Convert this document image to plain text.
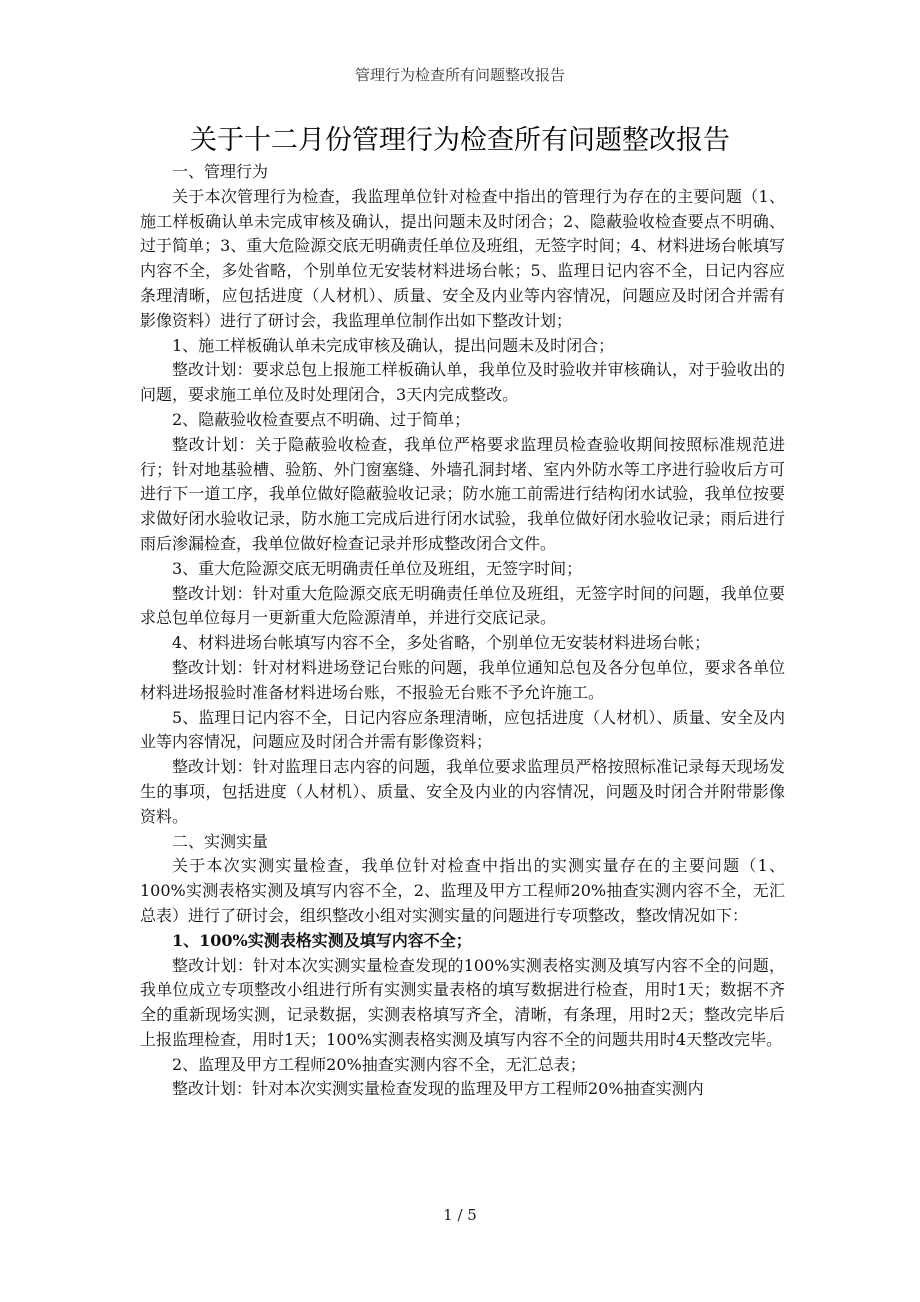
管理行为检查所有问题整改报告
关于十二月份管理行为检查所有问题整改报告

一、管理行为

关于本次管理行为检查，我监理单位针对检查中指出的管理行为存在的主要问题（1、施工样板确认单未完成审核及确认，提出问题未及时闭合；2、隐蔽验收检查要点不明确、过于简单；3、重大危险源交底无明确责任单位及班组，无签字时间；4、材料进场台帐填写内容不全，多处省略，个别单位无安装材料进场台帐；5、监理日记内容不全，日记内容应条理清晰，应包括进度（人材机）、质量、安全及内业等内容情况，问题应及时闭合并需有影像资料）进行了研讨会，我监理单位制作出如下整改计划；

1、施工样板确认单未完成审核及确认，提出问题未及时闭合；

整改计划：要求总包上报施工样板确认单，我单位及时验收并审核确认，对于验收出的问题，要求施工单位及时处理闭合，3天内完成整改。

2、隐蔽验收检查要点不明确、过于简单；

整改计划：关于隐蔽验收检查，我单位严格要求监理员检查验收期间按照标准规范进行；针对地基验槽、验筋、外门窗塞缝、外墙孔洞封堵、室内外防水等工序进行验收后方可进行下一道工序，我单位做好隐蔽验收记录；防水施工前需进行结构闭水试验，我单位按要求做好闭水验收记录，防水施工完成后进行闭水试验，我单位做好闭水验收记录；雨后进行雨后渗漏检查，我单位做好检查记录并形成整改闭合文件。

3、重大危险源交底无明确责任单位及班组，无签字时间；

整改计划：针对重大危险源交底无明确责任单位及班组，无签字时间的问题，我单位要求总包单位每月一更新重大危险源清单，并进行交底记录。

4、材料进场台帐填写内容不全，多处省略，个别单位无安装材料进场台帐；

整改计划：针对材料进场登记台账的问题，我单位通知总包及各分包单位，要求各单位材料进场报验时准备材料进场台账，不报验无台账不予允许施工。

5、监理日记内容不全，日记内容应条理清晰，应包括进度（人材机）、质量、安全及内业等内容情况，问题应及时闭合并需有影像资料；

整改计划：针对监理日志内容的问题，我单位要求监理员严格按照标准记录每天现场发生的事项，包括进度（人材机）、质量、安全及内业的内容情况，问题及时闭合并附带影像资料。

二、实测实量

关于本次实测实量检查，我单位针对检查中指出的实测实量存在的主要问题（1、100%实测表格实测及填写内容不全，2、监理及甲方工程师20%抽查实测内容不全，无汇总表）进行了研讨会，组织整改小组对实测实量的问题进行专项整改，整改情况如下：

1、100%实测表格实测及填写内容不全；

整改计划：针对本次实测实量检查发现的100%实测表格实测及填写内容不全的问题，我单位成立专项整改小组进行所有实测实量表格的填写数据进行检查，用时1天；数据不齐全的重新现场实测，记录数据，实测表格填写齐全，清晰，有条理，用时2天；整改完毕后上报监理检查，用时1天；100%实测表格实测及填写内容不全的问题共用时4天整改完毕。

2、监理及甲方工程师20%抽查实测内容不全，无汇总表；

整改计划：针对本次实测实量检查发现的监理及甲方工程师20%抽查实测内

1 / 5
